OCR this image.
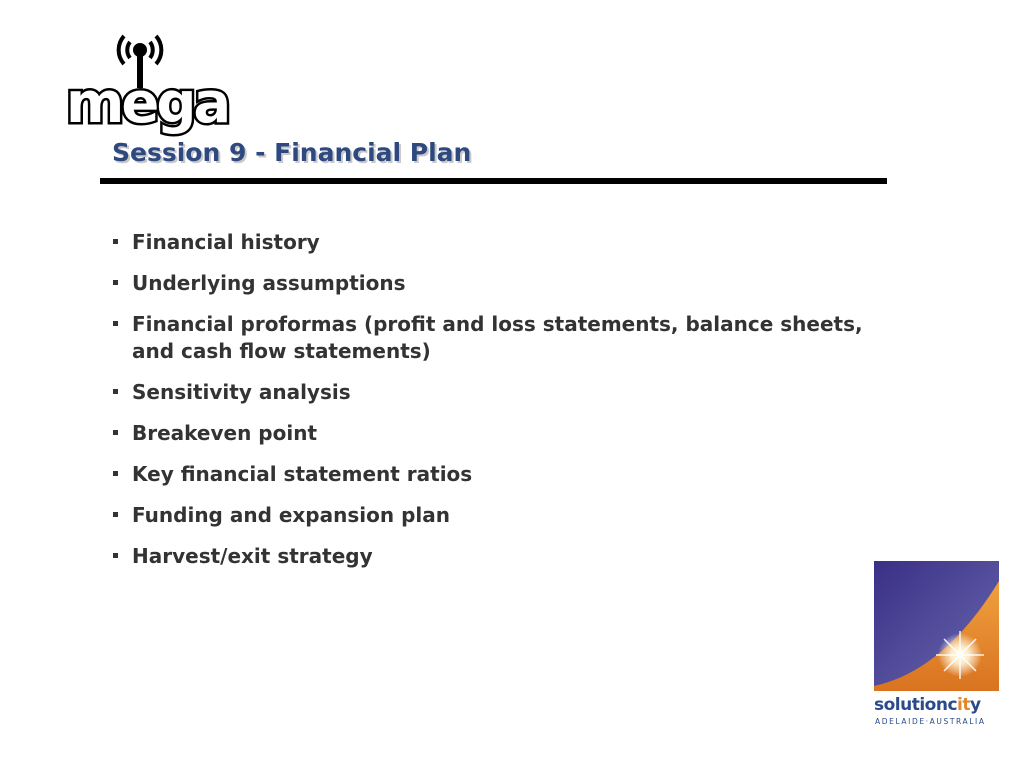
mega
Session 9 - Financial Plan
Financial history
Underlying assumptions
Financial proformas (profit and loss statements, balance sheets, and cash flow statements)
Sensitivity analysis
Breakeven point
Key financial statement ratios
Funding and expansion plan
Harvest/exit strategy
solutioncity
ADELAIDE·AUSTRALIA
